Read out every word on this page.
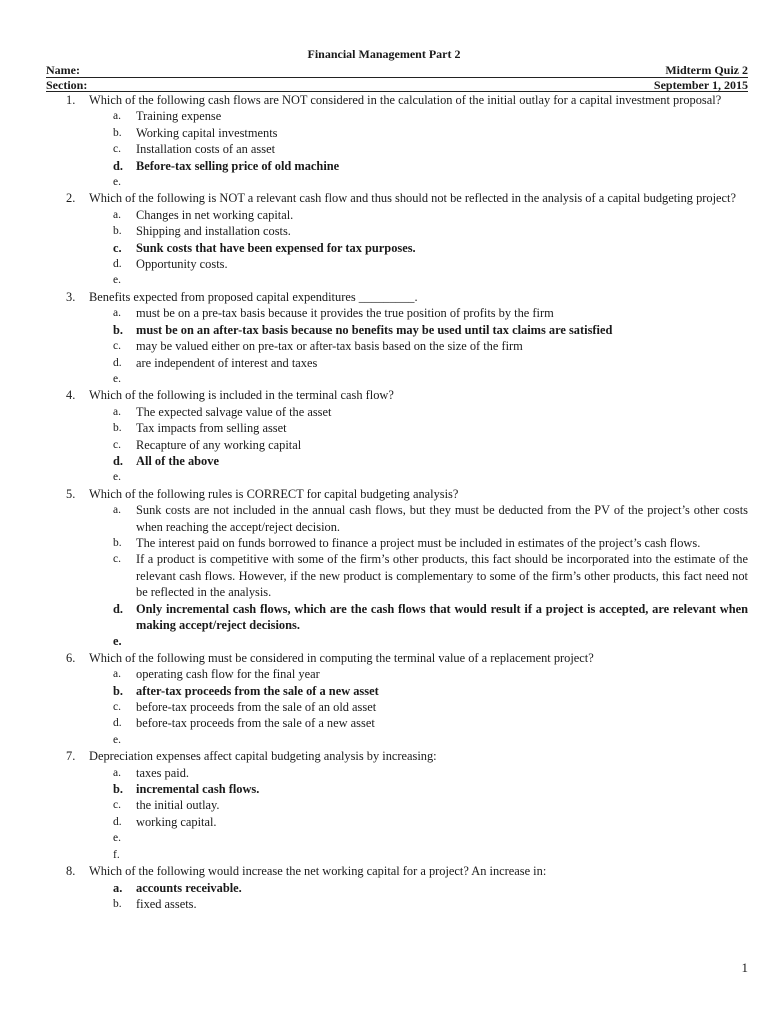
Financial Management Part 2
Name:	Midterm Quiz 2
Section:	September 1, 2015
1. Which of the following cash flows are NOT considered in the calculation of the initial outlay for a capital investment proposal?
a. Training expense
b. Working capital investments
c. Installation costs of an asset
d. Before-tax selling price of old machine
e.
2. Which of the following is NOT a relevant cash flow and thus should not be reflected in the analysis of a capital budgeting project?
a. Changes in net working capital.
b. Shipping and installation costs.
c. Sunk costs that have been expensed for tax purposes.
d. Opportunity costs.
e.
3. Benefits expected from proposed capital expenditures _________.
a. must be on a pre-tax basis because it provides the true position of profits by the firm
b. must be on an after-tax basis because no benefits may be used until tax claims are satisfied
c. may be valued either on pre-tax or after-tax basis based on the size of the firm
d. are independent of interest and taxes
e.
4. Which of the following is included in the terminal cash flow?
a. The expected salvage value of the asset
b. Tax impacts from selling asset
c. Recapture of any working capital
d. All of the above
e.
5. Which of the following rules is CORRECT for capital budgeting analysis?
a. Sunk costs are not included in the annual cash flows, but they must be deducted from the PV of the project’s other costs when reaching the accept/reject decision.
b. The interest paid on funds borrowed to finance a project must be included in estimates of the project’s cash flows.
c. If a product is competitive with some of the firm’s other products, this fact should be incorporated into the estimate of the relevant cash flows. However, if the new product is complementary to some of the firm’s other products, this fact need not be reflected in the analysis.
d. Only incremental cash flows, which are the cash flows that would result if a project is accepted, are relevant when making accept/reject decisions.
e.
6. Which of the following must be considered in computing the terminal value of a replacement project?
a. operating cash flow for the final year
b. after-tax proceeds from the sale of a new asset
c. before-tax proceeds from the sale of an old asset
d. before-tax proceeds from the sale of a new asset
e.
7. Depreciation expenses affect capital budgeting analysis by increasing:
a. taxes paid.
b. incremental cash flows.
c. the initial outlay.
d. working capital.
e.
f.
8. Which of the following would increase the net working capital for a project? An increase in:
a. accounts receivable.
b. fixed assets.
1
